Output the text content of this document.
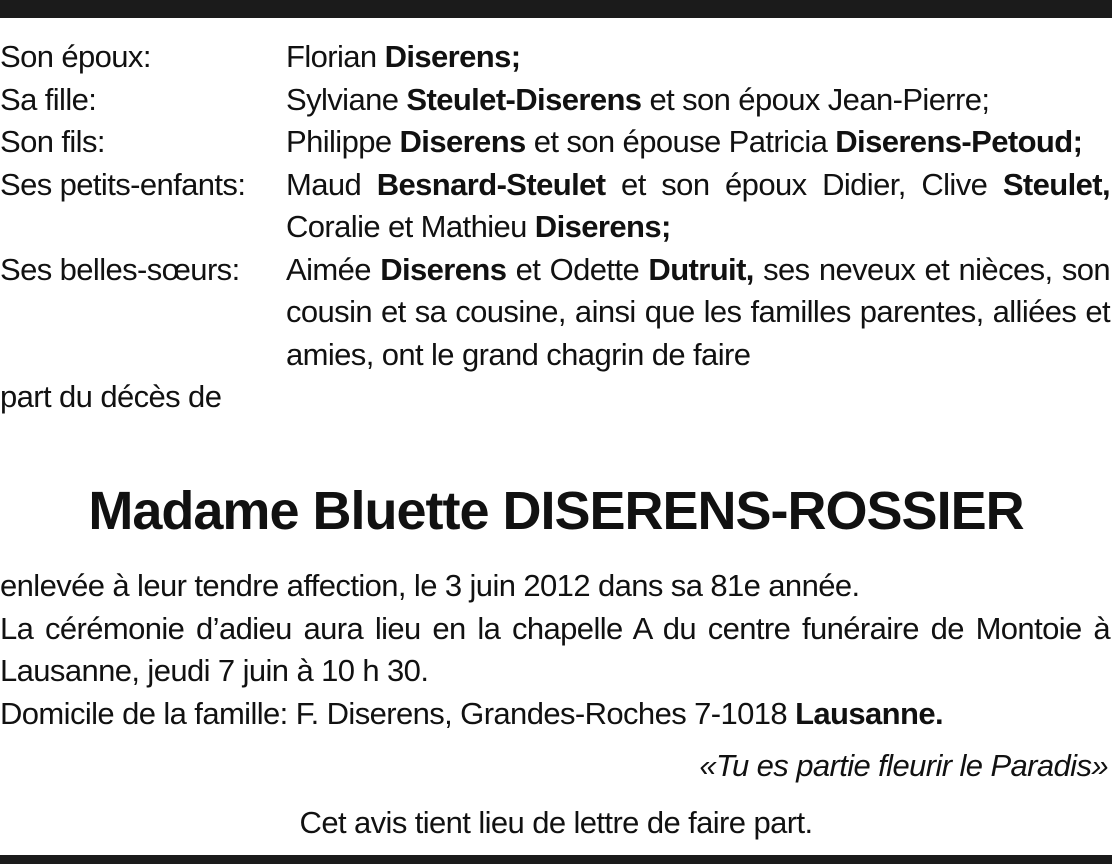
Son époux:	Florian Diserens;
Sa fille:	Sylviane Steulet-Diserens et son époux Jean-Pierre;
Son fils:	Philippe Diserens et son épouse Patricia Diserens-Petoud;
Ses petits-enfants:	Maud Besnard-Steulet et son époux Didier, Clive Steulet, Coralie et Mathieu Diserens;
Ses belles-sœurs:	Aimée Diserens et Odette Dutruit, ses neveux et nièces, son cousin et sa cousine, ainsi que les familles parentes, alliées et amies, ont le grand chagrin de faire
part du décès de
Madame Bluette DISERENS-ROSSIER

enlevée à leur tendre affection, le 3 juin 2012 dans sa 81e année.

La cérémonie d’adieu aura lieu en la chapelle A du centre funéraire de Montoie à Lausanne, jeudi 7 juin à 10 h 30.

Domicile de la famille: F. Diserens, Grandes-Roches 7-1018 Lausanne.

«Tu es partie fleurir le Paradis»
Cet avis tient lieu de lettre de faire part.
